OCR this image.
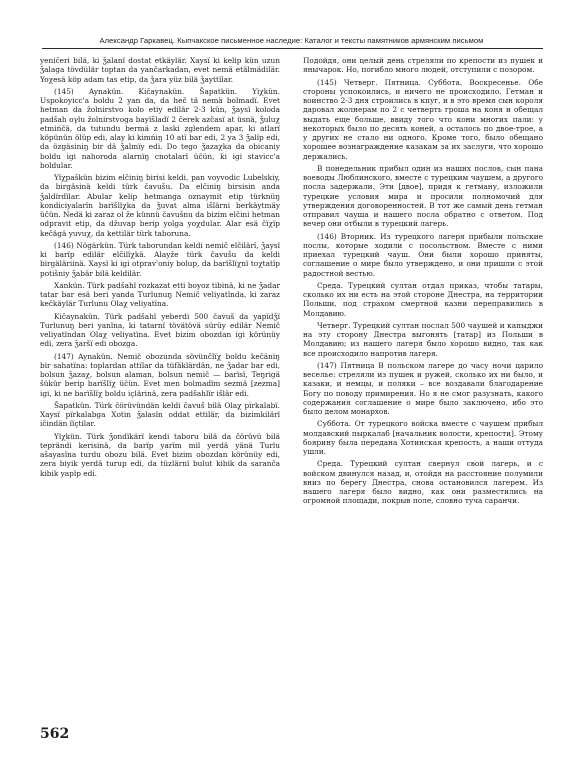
Александр Гаркавец. Кыпчакское письменное наследие: Каталог и тексты памятников армянским письмом

yeniĉeri bilä, ki ǯalanï dostat etkäylär. Xaysï ki kelip kün uzun ǯalaga tövdülär toptan da yančarkadan, evet nemä etälmädilär. Yoχesä köp adam tas etip, da ǯara yüz bilä ǯayttïlar.

(145) Aynakün. Kičaynakün. Šapatkün. Yiχkün. Uspokoyicc'a boldu 2 yan da, da heč tä nemä bolmadï. Evet hetman da žolnirstvo kolo etiy edilär 2-3 kün, ǯaysï koloda padšah oγlu žolnirstvoga bayïšladï 2 čerek azčasï at üsnä, ǯuluχ etmińčä, da tutundu bermä z laski zglendem apar, ki atlarï köpünün ölüp edi, alay ki kimńiŋ 10 atï bar edi, 2 ya 3 ǯalïp edi, da özgäsiniŋ bir dä ǯalmïy edi. Do tego ǯazaχka da obicaniy boldu igi nahoroda alarnïŋ cnotalarï üčün, ki igi stavicc'a boldular.

Yïχpaškün bizim elčiniŋ birisi keldi, pan voyvodic Lubelskiy, da birgäsinä keldi türk čavušu. Da elčiniŋ birsisin anda ǯaldïrdïlar. Abular kelip hetmanga oznaymit etip türknüŋ kondiciyalarïn barïšlïχka da ǯuvat alma išlärni berkäytmäy üčün. Nedä ki zaraz ol že künnü čavušnu da bizim elčini hetman odpravit etip, da džuvap berip yolga yoχdular. Alar esä čïχïp kečägä yuvuχ, da kettilär türk taboruna.

(146) Nögärkün. Türk taborundan keldi nemič elčilärï, ǯaysï ki barïp edilär elčilïχkä. Alayže türk čavušu da keldi birgäläriinä. Xaysï ki igi otprav'oniy bolup, da barïšlïχnï toχtatïp potišniy ǯabär bilä keldilär.

Xankün. Türk padšahï rozkazat etti boyoz tibinä, ki ne ǯadar tatar bar esä beri yanda Turlunuŋ Nemič veliyatïnda, ki zaraz kečkäylär Turlunu Olaχ veliyatïna.

Kičaynakün. Türk padšahï yeberdi 500 čavuš da yapïdǯï Turlunuŋ beri yanïna, ki tatarnï tövätövä sürüy edilär Nemič veliyatïndan Olaχ veliyatïna. Evet bizim obozdan igi körünüy edi, zera ǯaršï edi obozga.

(147) Aynakün. Nemič obozunda sövünčlïχ boldu kečäniŋ bir sahatïna: toplardan attïlar da tüfäklärdän, ne ǯadar bar edi, bolsun ǯazaχ, bolsun alaman, bolsun nemič — barïsï, Teŋrigä šükür berip barïšlïχ üčün. Evet men bolmadïm sezmä [zezma] igi, ki ne barïšlïχ boldu içlärinä, zera padšahlïr išlär edi.

Šapatkün. Türk čörüvündän keldi čavuš bilä Olaχ pïrkalabï. Xaysï pïrkalabga Xotin ǯalasïn oddat ettilär, da bizimkilärï ičindän ïïçtilar.

Yïχkün. Türk ǯondïkärï kendi taboru bilä da čörüvü bilä teprändi kerisinä, da barïp yarïm mil yerdä yänä Turlu ašayasïna turdu obozu bilä. Evet bizim obozdan körünüy edi, zera biyik yerdä turup edi, da tüzlärnï bulut kibik da saranča kibik yapïp edi.

Подойдя, они целый день стреляли по крепости из пушек и янычарок. Но, погибло много людей, отступили с позором.

(145) Четверг. Пятница. Суббота. Воскресенье. Обе стороны успокоились, и ничего не происходило. Гетман и воинство 2-3 дня строились в кпуг, и в это время сын короля даровал жолнерам по 2 с четверть гроша на коня и обещал выдать еще больше, ввиду того что кони многих пали: у некоторых было по десять коней, а осталось по двое-трое, а у других не стало ни одного. Кроме того, было обещано хорошее вознаграждение казакам за их заслуги, что хорошо держались.

В понедельник прибыл один из наших послов, сын пана воеводы Люблинского, вместе с турецким чаушем, а другого посла задержали. Эти [двое], придя к гетману, изложили турецкие условия мира и просили полномочий для утверждения договоренностей. В тот же самый день гетман отправил чауша и нашего посла обратно с ответом. Под вечер они отбыли в турецкий лагерь.

(146) Вторник. Из турецкого лагеря прибыли польские послы, которые ходили с посольством. Вместе с ними приехал турецкий чауш. Они были хорошо приняты, соглашение о мире было утверждено, и они пришли с этой радостной вестью.

Среда. Турецкий султан отдал приказ, чтобы татары, сколько их ни есть на этой стороне Днестра, на территории Польши, под страхом смертной казни переправились в Молдавию.

Четверг. Турецкий султан послал 500 чаушей и капыджи на эту сторону Днестра выгонять [татар] из Польши в Молдавию; из нашего лагеря было хорошо видно, так как все происходило напротив лагеря.

(147) Пятница В польском лагере до часу ночи царило веселье: стреляли из пушек и ружей, сколько их ни было, и казаки, и немцы, и поляки – все воздавали благодарение Богу по поводу примирения. Но я не смог разузнать, какого содержания соглашение о мире было заключено, ибо это было делом монархов.

Суббота. От турецкого войска вместе с чаушем прибыл молдавский пыркалаб [начальник волости, крепости]. Этому боярину была передана Хотинская крепость, а наши оттуда ушли.

Среда. Турецкий султан свернул свой лагерь, и с войском двинулся назад, и, отойдя на расстояние полумили вниз по берегу Днестра, снова остановился лагерем. Из нашего лагеря было видно, как они разместились на огромной площади, покрыв поле, словно туча саранчи.

562
